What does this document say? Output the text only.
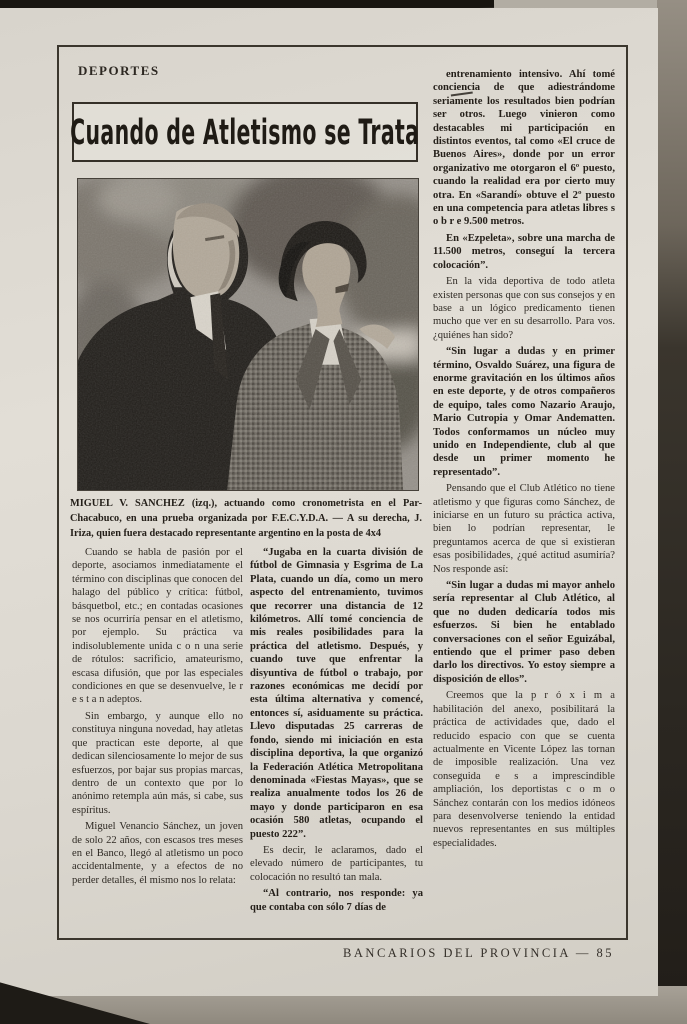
DEPORTES
Cuando de Atletismo se Trata
MIGUEL V. SANCHEZ (izq.), actuando como cronometrista en el Par-Chacabuco, en una prueba organizada por F.E.C.Y.D.A. — A su derecha, J. Iriza, quien fuera destacado representante argentino en la posta de 4x4

Cuando se habla de pasión por el deporte, asociamos inmediatamente el término con disciplinas que conocen del halago del público y crítica: fútbol, básquetbol, etc.; en contadas ocasiones se nos ocurriría pensar en el atletismo, por ejemplo. Su práctica va indisolublemente unida c o n una serie de rótulos: sacrificio, amateurismo, escasa difusión, que por las especiales condiciones en que se desenvuelve, le r e s t a n adeptos.

Sin embargo, y aunque ello no constituya ninguna novedad, hay atletas que practican este deporte, al que dedican silenciosamente lo mejor de sus esfuerzos, por bajar sus propias marcas, dentro de un contexto que por lo anónimo retempla aún más, si cabe, sus espíritus.

Miguel Venancio Sánchez, un joven de solo 22 años, con escasos tres meses en el Banco, llegó al atletismo un poco accidentalmente, y a efectos de no perder detalles, él mismo nos lo relata:

“Jugaba en la cuarta división de fútbol de Gimnasia y Esgrima de La Plata, cuando un día, como un mero aspecto del entrenamiento, tuvimos que recorrer una distancia de 12 kilómetros. Allí tomé conciencia de mis reales posibilidades para la práctica del atletismo. Después, y cuando tuve que enfrentar la disyuntiva de fútbol o trabajo, por razones económicas me decidí por esta última alternativa y comencé, entonces sí, asiduamente su práctica. Llevo disputadas 25 carreras de fondo, siendo mi iniciación en esta disciplina deportiva, la que organizó la Federación Atlética Metropolitana denominada «Fiestas Mayas», que se realiza anualmente todos los 26 de mayo y donde participaron en esa ocasión 580 atletas, ocupando el puesto 222”.

Es decir, le aclaramos, dado el elevado número de participantes, tu colocación no resultó tan mala.

“Al contrario, nos responde: ya que contaba con sólo 7 días de

entrenamiento intensivo. Ahí tomé conciencia de que adiestrándome seriamente los resultados bien podrían ser otros. Luego vinieron como destacables mi participación en distintos eventos, tal como «El cruce de Buenos Aires», donde por un error organizativo me otorgaron el 6º puesto, cuando la realidad era por cierto muy otra. En «Sarandí» obtuve el 2º puesto en una competencia para atletas libres s o b r e 9.500 metros.

En «Ezpeleta», sobre una marcha de 11.500 metros, conseguí la tercera colocación”.

En la vida deportiva de todo atleta existen personas que con sus consejos y en base a un lógico predicamento tienen mucho que ver en su desarrollo. Para vos. ¿quiénes han sido?

“Sin lugar a dudas y en primer término, Osvaldo Suárez, una figura de enorme gravitación en los últimos años en este deporte, y de otros compañeros de equipo, tales como Nazario Araujo, Mario Cutropia y Omar Andematten. Todos conformamos un núcleo muy unido en Independiente, club al que desde un primer momento he representado”.

Pensando que el Club Atlético no tiene atletismo y que figuras como Sánchez, de iniciarse en un futuro su práctica activa, bien lo podrían representar, le preguntamos acerca de que si existieran esas posibilidades, ¿qué actitud asumiría? Nos responde así:

“Sin lugar a dudas mi mayor anhelo sería representar al Club Atlético, al que no duden dedicaría todos mis esfuerzos. Si bien he entablado conversaciones con el señor Eguizábal, entiendo que el primer paso deben darlo los directivos. Yo estoy siempre a disposición de ellos”.

Creemos que la p r ó x i m a habilitación del anexo, posibilitará la práctica de actividades que, dado el reducido espacio con que se cuenta actualmente en Vicente López las tornan de imposible realización. Una vez conseguida e s a imprescindible ampliación, los deportistas c o m o Sánchez contarán con los medios idóneos para desenvolverse teniendo la entidad nuevos representantes en sus múltiples especialidades.

BANCARIOS DEL PROVINCIA — 85
